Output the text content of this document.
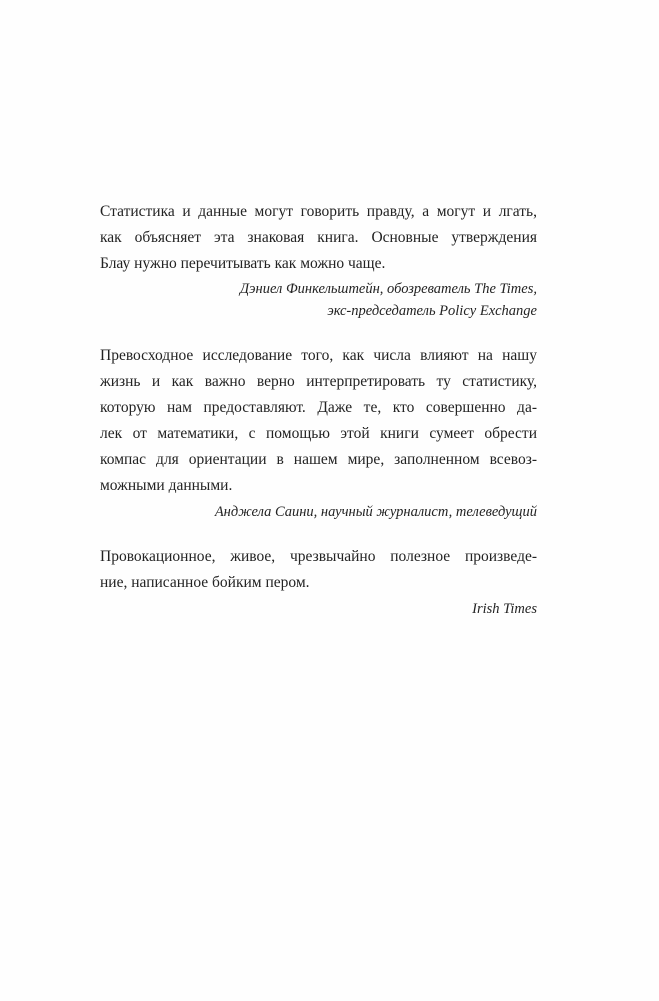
Статистика и данные могут говорить правду, а могут и лгать,
как объясняет эта знаковая книга. Основные утверждения
Блау нужно перечитывать как можно чаще.
Дэниел Финкельштейн, обозреватель The Times,
экс-председатель Policy Exchange
Превосходное исследование того, как числа влияют на нашу
жизнь и как важно верно интерпретировать ту статистику,
которую нам предоставляют. Даже те, кто совершенно да-
лек от математики, с помощью этой книги сумеет обрести
компас для ориентации в нашем мире, заполненном всевоз-
можными данными.
Анджела Саини, научный журналист, телеведущий
Провокационное, живое, чрезвычайно полезное произведе-
ние, написанное бойким пером.
Irish Times
